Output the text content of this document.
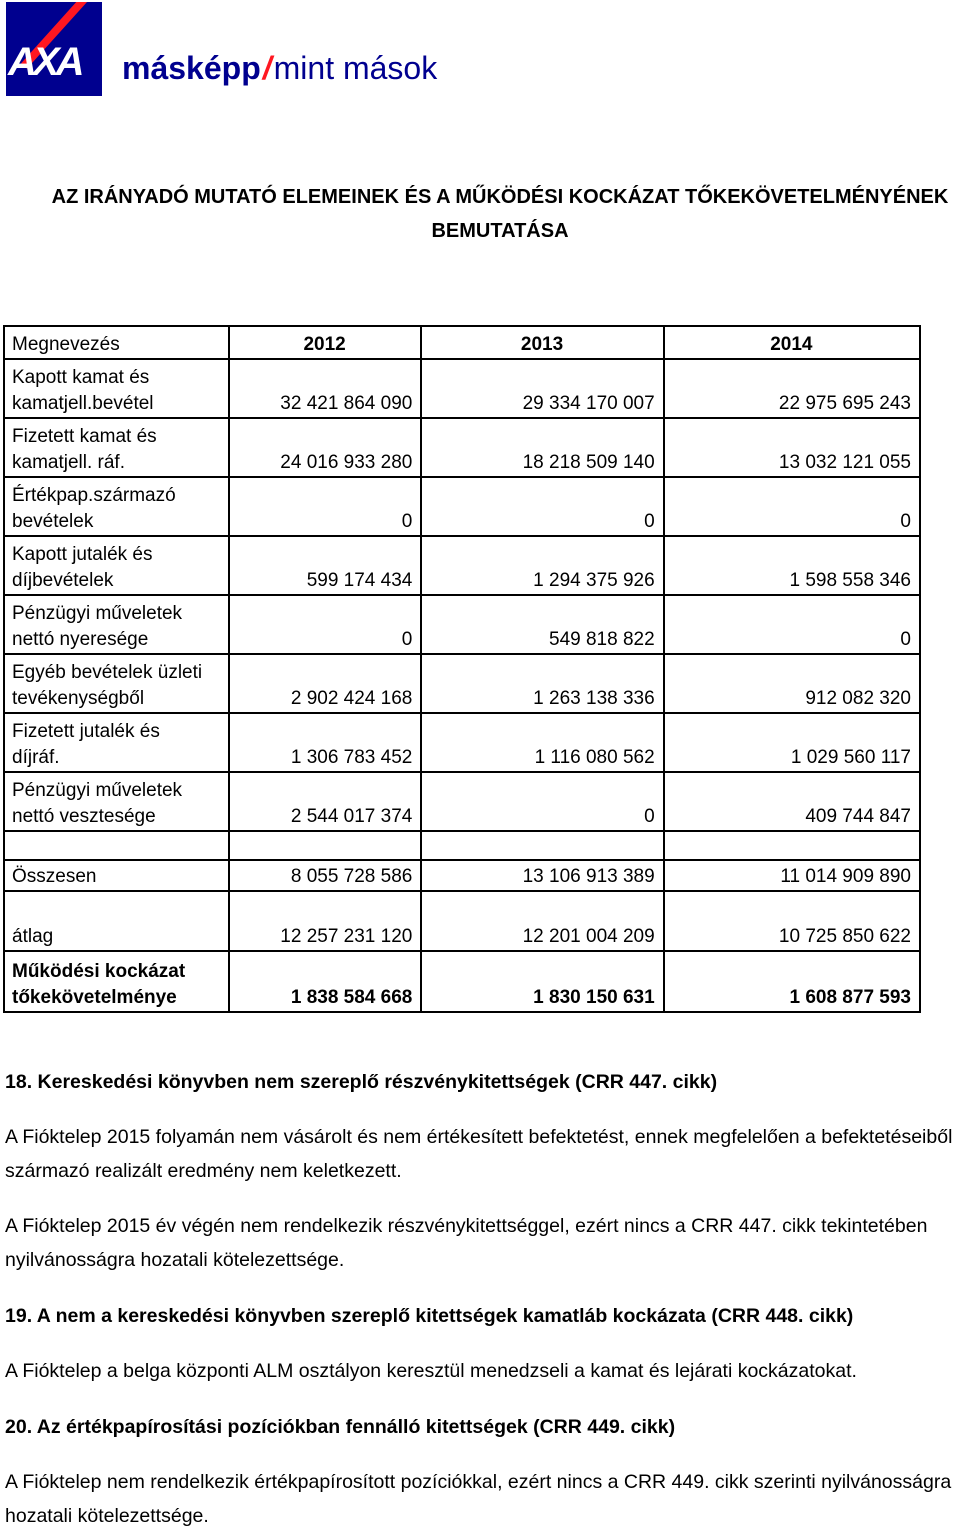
AXA másképp/mint mások
AZ IRÁNYADÓ MUTATÓ ELEMEINEK ÉS A MŰKÖDÉSI KOCKÁZAT TŐKEKÖVETELMÉNYÉNEK BEMUTATÁSA
Megnevezés	2012	2013	2014
Kapott kamat és
kamatjell.bevétel	32 421 864 090	29 334 170 007	22 975 695 243
Fizetett kamat és
kamatjell. ráf.	24 016 933 280	18 218 509 140	13 032 121 055
Értékpap.származó
bevételek	0	0	0
Kapott jutalék és
díjbevételek	599 174 434	1 294 375 926	1 598 558 346
Pénzügyi műveletek
nettó nyeresége	0	549 818 822	0
Egyéb bevételek üzleti
tevékenységből	2 902 424 168	1 263 138 336	912 082 320
Fizetett jutalék és
díjráf.	1 306 783 452	1 116 080 562	1 029 560 117
Pénzügyi műveletek
nettó vesztesége	2 544 017 374	0	409 744 847

Összesen	8 055 728 586	13 106 913 389	11 014 909 890
átlag	12 257 231 120	12 201 004 209	10 725 850 622
Működési kockázat
tőkekövetelménye	1 838 584 668	1 830 150 631	1 608 877 593
18. Kereskedési könyvben nem szereplő részvénykitettségek (CRR 447. cikk)
A Fióktelep 2015 folyamán nem vásárolt és nem értékesített befektetést, ennek megfelelően a befektetéseiből származó realizált eredmény nem keletkezett.
A Fióktelep 2015 év végén nem rendelkezik részvénykitettséggel, ezért nincs a CRR 447. cikk tekintetében nyilvánosságra hozatali kötelezettsége.
19. A nem a kereskedési könyvben szereplő kitettségek kamatláb kockázata (CRR 448. cikk)
A Fióktelep a belga központi ALM osztályon keresztül menedzseli a kamat és lejárati kockázatokat.
20. Az értékpapírosítási pozíciókban fennálló kitettségek (CRR 449. cikk)
A Fióktelep nem rendelkezik értékpapírosított pozíciókkal, ezért nincs a CRR 449. cikk szerinti nyilvánosságra hozatali kötelezettsége.
